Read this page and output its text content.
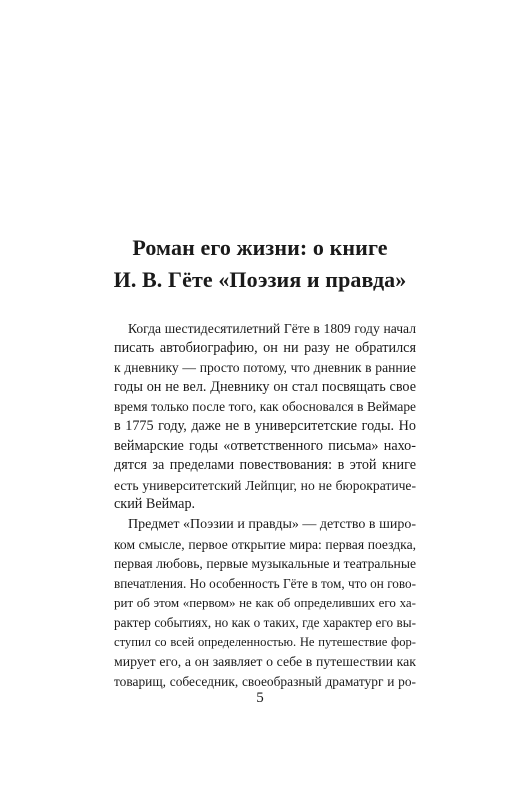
Роман его жизни: о книге
И. В. Гёте «Поэзия и правда»
Когда шестидесятилетний Гёте в 1809 году начал
писать автобиографию, он ни разу не обратился
к дневнику — просто потому, что дневник в ранние
годы он не вел. Дневнику он стал посвящать свое
время только после того, как обосновался в Веймаре
в 1775 году, даже не в университетские годы. Но
веймарские годы «ответственного письма» нахо-
дятся за пределами повествования: в этой книге
есть университетский Лейпциг, но не бюрократиче-
ский Веймар.
Предмет «Поэзии и правды» — детство в широ-
ком смысле, первое открытие мира: первая поездка,
первая любовь, первые музыкальные и театральные
впечатления. Но особенность Гёте в том, что он гово-
рит об этом «первом» не как об определивших его ха-
рактер событиях, но как о таких, где характер его вы-
ступил со всей определенностью. Не путешествие фор-
мирует его, а он заявляет о себе в путешествии как
товарищ, собеседник, своеобразный драматург и ро-
5
